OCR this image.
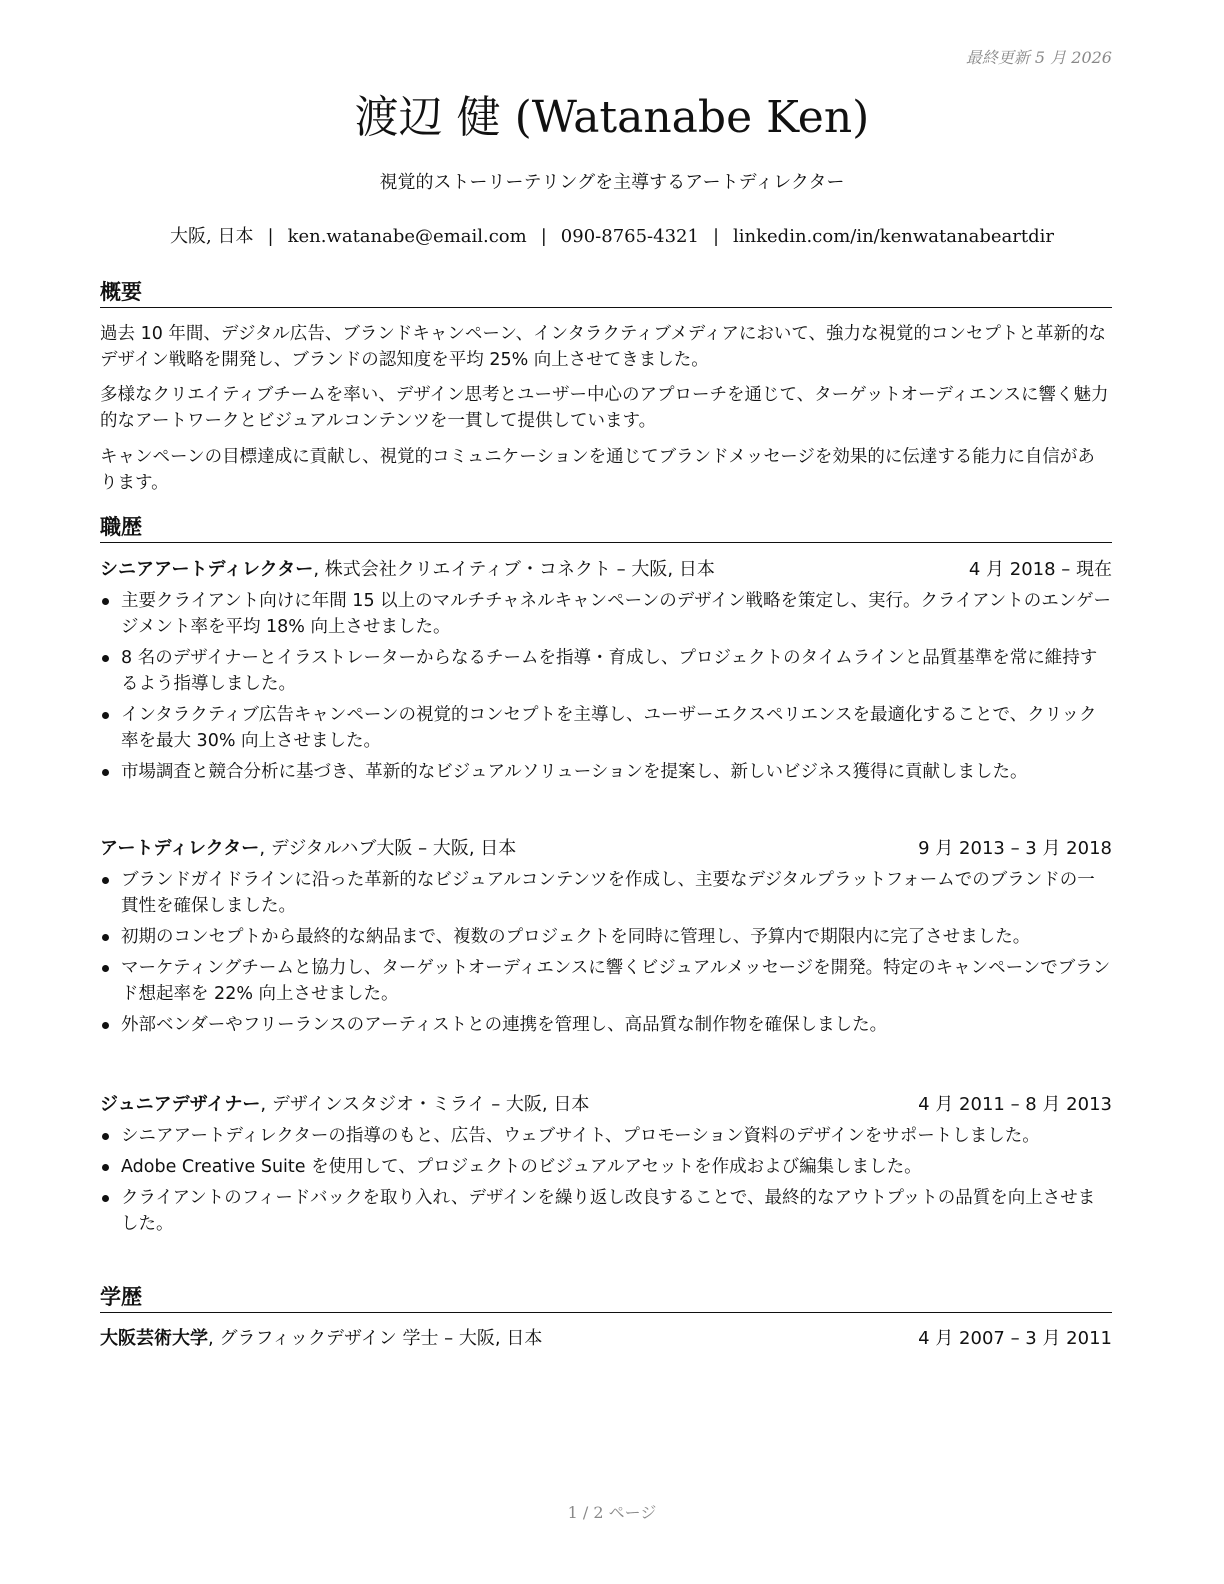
最終更新 5 月 2026
渡辺 健 (Watanabe Ken)
視覚的ストーリーテリングを主導するアートディレクター
大阪, 日本 | ken.watanabe@email.com | 090-8765-4321 | linkedin.com/in/kenwatanabeartdir
概要

過去 10 年間、デジタル広告、ブランドキャンペーン、インタラクティブメディアにおいて、強力な視覚的コンセプトと革新的なデザイン戦略を開発し、ブランドの認知度を平均 25% 向上させてきました。

多様なクリエイティブチームを率い、デザイン思考とユーザー中心のアプローチを通じて、ターゲットオーディエンスに響く魅力的なアートワークとビジュアルコンテンツを一貫して提供しています。

キャンペーンの目標達成に貢献し、視覚的コミュニケーションを通じてブランドメッセージを効果的に伝達する能力に自信があります。

職歴
シニアアートディレクター, 株式会社クリエイティブ・コネクト – 大阪, 日本	4 月 2018 – 現在
主要クライアント向けに年間 15 以上のマルチチャネルキャンペーンのデザイン戦略を策定し、実行。クライアントのエンゲージメント率を平均 18% 向上させました。
8 名のデザイナーとイラストレーターからなるチームを指導・育成し、プロジェクトのタイムラインと品質基準を常に維持するよう指導しました。
インタラクティブ広告キャンペーンの視覚的コンセプトを主導し、ユーザーエクスペリエンスを最適化することで、クリック率を最大 30% 向上させました。
市場調査と競合分析に基づき、革新的なビジュアルソリューションを提案し、新しいビジネス獲得に貢献しました。
アートディレクター, デジタルハブ大阪 – 大阪, 日本	9 月 2013 – 3 月 2018
ブランドガイドラインに沿った革新的なビジュアルコンテンツを作成し、主要なデジタルプラットフォームでのブランドの一貫性を確保しました。
初期のコンセプトから最終的な納品まで、複数のプロジェクトを同時に管理し、予算内で期限内に完了させました。
マーケティングチームと協力し、ターゲットオーディエンスに響くビジュアルメッセージを開発。特定のキャンペーンでブランド想起率を 22% 向上させました。
外部ベンダーやフリーランスのアーティストとの連携を管理し、高品質な制作物を確保しました。
ジュニアデザイナー, デザインスタジオ・ミライ – 大阪, 日本	4 月 2011 – 8 月 2013
シニアアートディレクターの指導のもと、広告、ウェブサイト、プロモーション資料のデザインをサポートしました。
Adobe Creative Suite を使用して、プロジェクトのビジュアルアセットを作成および編集しました。
クライアントのフィードバックを取り入れ、デザインを繰り返し改良することで、最終的なアウトプットの品質を向上させました。
学歴
大阪芸術大学, グラフィックデザイン 学士 – 大阪, 日本	4 月 2007 – 3 月 2011
1 / 2 ページ
